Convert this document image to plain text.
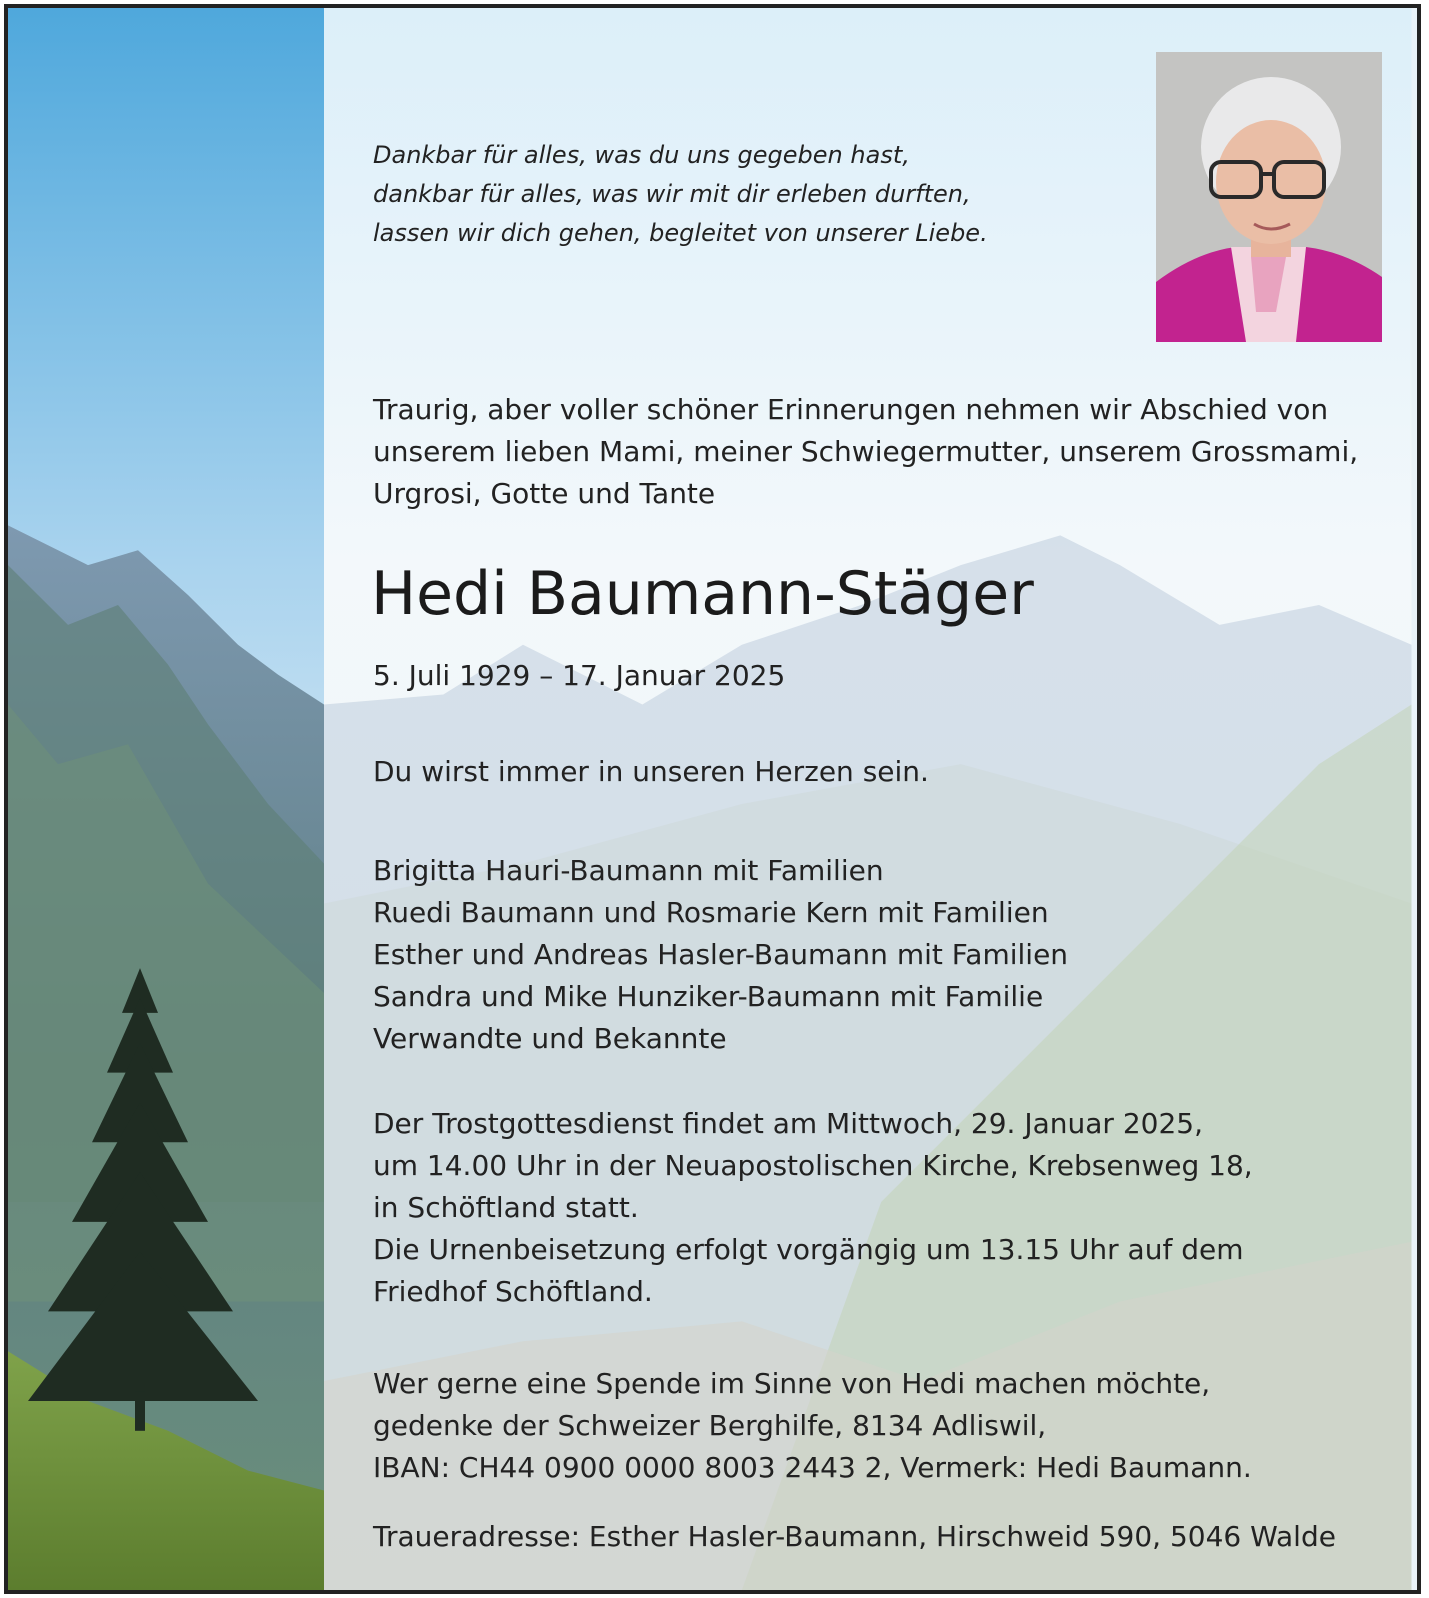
Dankbar für alles, was du uns gegeben hast,
dankbar für alles, was wir mit dir erleben durften,
lassen wir dich gehen, begleitet von unserer Liebe.
Traurig, aber voller schöner Erinnerungen nehmen wir Abschied von
unserem lieben Mami, meiner Schwiegermutter, unserem Grossmami,
Urgrosi, Gotte und Tante
Hedi Baumann-Stäger
5. Juli 1929 – 17. Januar 2025
Du wirst immer in unseren Herzen sein.
Brigitta Hauri-Baumann mit Familien
Ruedi Baumann und Rosmarie Kern mit Familien
Esther und Andreas Hasler-Baumann mit Familien
Sandra und Mike Hunziker-Baumann mit Familie
Verwandte und Bekannte
Der Trostgottesdienst findet am Mittwoch, 29. Januar 2025,
um 14.00 Uhr in der Neuapostolischen Kirche, Krebsenweg 18,
in Schöftland statt.
Die Urnenbeisetzung erfolgt vorgängig um 13.15 Uhr auf dem
Friedhof Schöftland.
Wer gerne eine Spende im Sinne von Hedi machen möchte,
gedenke der Schweizer Berghilfe, 8134 Adliswil,
IBAN: CH44 0900 0000 8003 2443 2, Vermerk: Hedi Baumann.
Traueradresse: Esther Hasler-Baumann, Hirschweid 590, 5046 Walde
